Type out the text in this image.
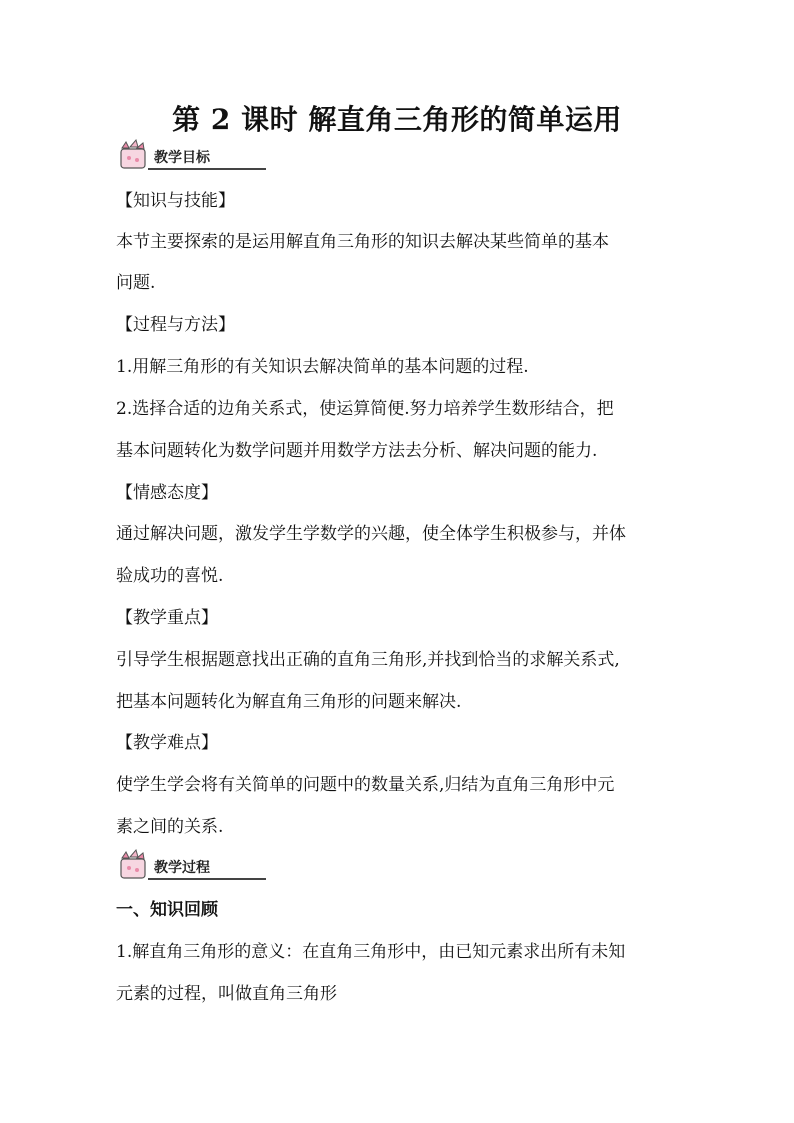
第 2 课时 解直角三角形的简单运用
教学目标
【知识与技能】
本节主要探索的是运用解直角三角形的知识去解决某些简单的基本
问题.
【过程与方法】
1.用解三角形的有关知识去解决简单的基本问题的过程.
2.选择合适的边角关系式，使运算简便.努力培养学生数形结合，把
基本问题转化为数学问题并用数学方法去分析、解决问题的能力.
【情感态度】
通过解决问题，激发学生学数学的兴趣，使全体学生积极参与，并体
验成功的喜悦.
【教学重点】
引导学生根据题意找出正确的直角三角形,并找到恰当的求解关系式,
把基本问题转化为解直角三角形的问题来解决.
【教学难点】
使学生学会将有关简单的问题中的数量关系,归结为直角三角形中元
素之间的关系.
教学过程
一、知识回顾
1.解直角三角形的意义：在直角三角形中，由已知元素求出所有未知
元素的过程，叫做直角三角形
